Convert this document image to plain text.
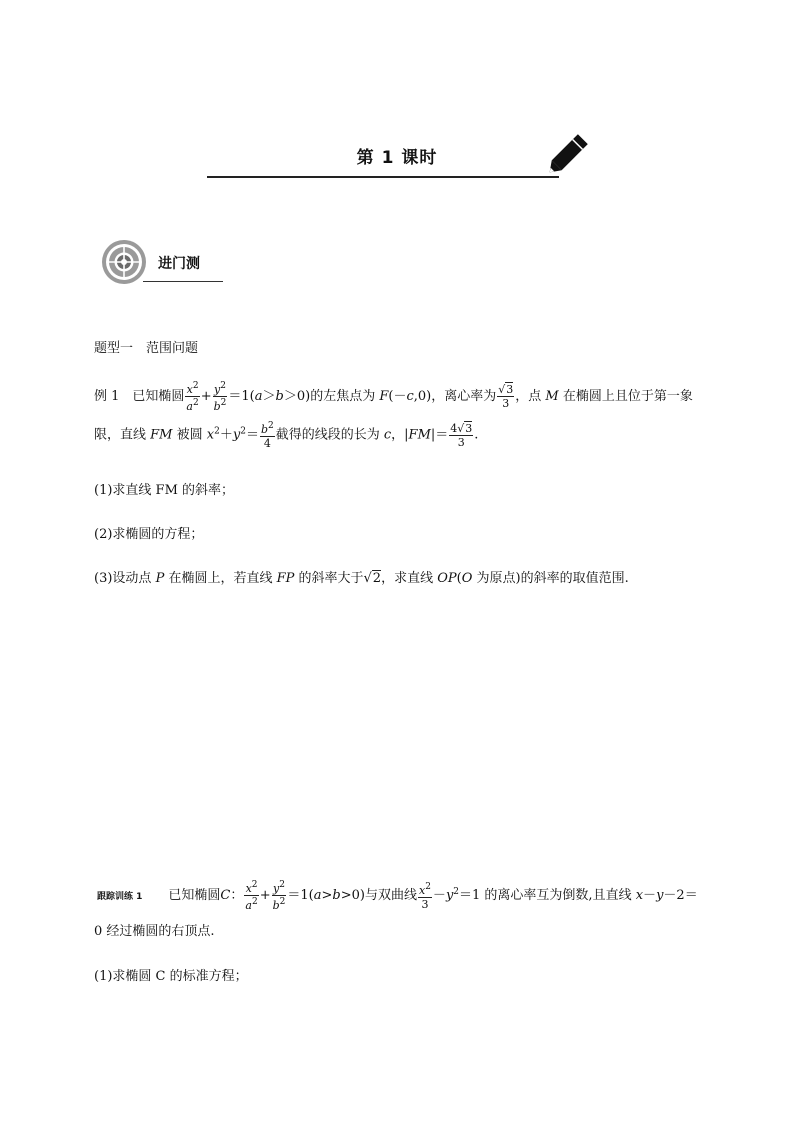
第 1 课时
进门测
题型一　范围问题
例 1　已知椭圆 $\frac{x^2}{a^2} + \frac{y^2}{b^2} =1(a>b>0)$的左焦点为 F(－c,0)，离心率为 $\frac{√3}{3}$ ，点 M 在椭圆上且位于第一象
限，直线 FM 被圆 $x^2+y^2= \frac{b^2}{4}$ 截得的线段的长为 c，$|FM|= \frac{4√3}{3}$ .
(1)求直线 FM 的斜率；
(2)求椭圆的方程；
(3)设动点 P 在椭圆上，若直线 FP 的斜率大于√2，求直线 OP(O 为原点)的斜率的取值范围.
跟踪训练 1　　已知椭圆C： $\frac{x^2}{a^2} + \frac{y^2}{b^2} =1(a>b>0)$与双曲线 $\frac{x^2}{3} -y^2=1$ 的离心率互为倒数,且直线 x－y－2＝
0 经过椭圆的右顶点.
(1)求椭圆 C 的标准方程；
